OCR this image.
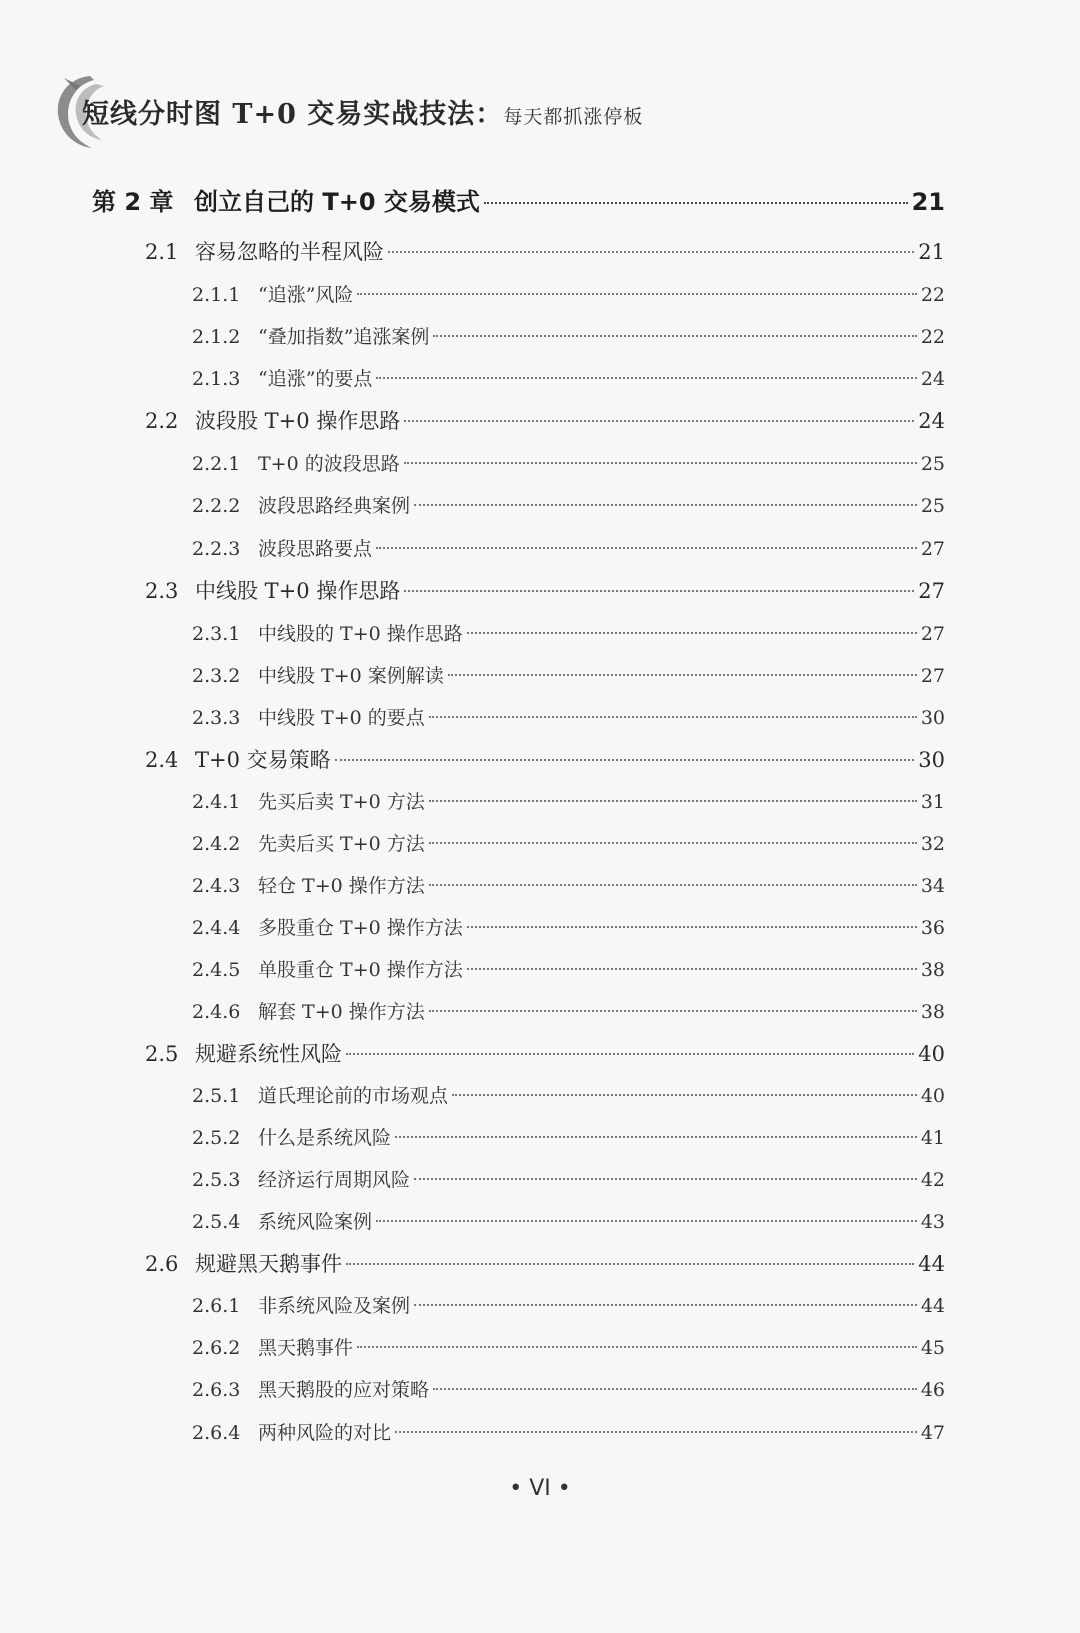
短线分时图 T+0 交易实战技法：每天都抓涨停板
第 2 章 创立自己的 T+0 交易模式	21
2.1 容易忽略的半程风险	21
2.1.1 “追涨”风险	22
2.1.2 “叠加指数”追涨案例	22
2.1.3 “追涨”的要点	24
2.2 波段股 T+0 操作思路	24
2.2.1 T+0 的波段思路	25
2.2.2 波段思路经典案例	25
2.2.3 波段思路要点	27
2.3 中线股 T+0 操作思路	27
2.3.1 中线股的 T+0 操作思路	27
2.3.2 中线股 T+0 案例解读	27
2.3.3 中线股 T+0 的要点	30
2.4 T+0 交易策略	30
2.4.1 先买后卖 T+0 方法	31
2.4.2 先卖后买 T+0 方法	32
2.4.3 轻仓 T+0 操作方法	34
2.4.4 多股重仓 T+0 操作方法	36
2.4.5 单股重仓 T+0 操作方法	38
2.4.6 解套 T+0 操作方法	38
2.5 规避系统性风险	40
2.5.1 道氏理论前的市场观点	40
2.5.2 什么是系统风险	41
2.5.3 经济运行周期风险	42
2.5.4 系统风险案例	43
2.6 规避黑天鹅事件	44
2.6.1 非系统风险及案例	44
2.6.2 黑天鹅事件	45
2.6.3 黑天鹅股的应对策略	46
2.6.4 两种风险的对比	47
• VI •
